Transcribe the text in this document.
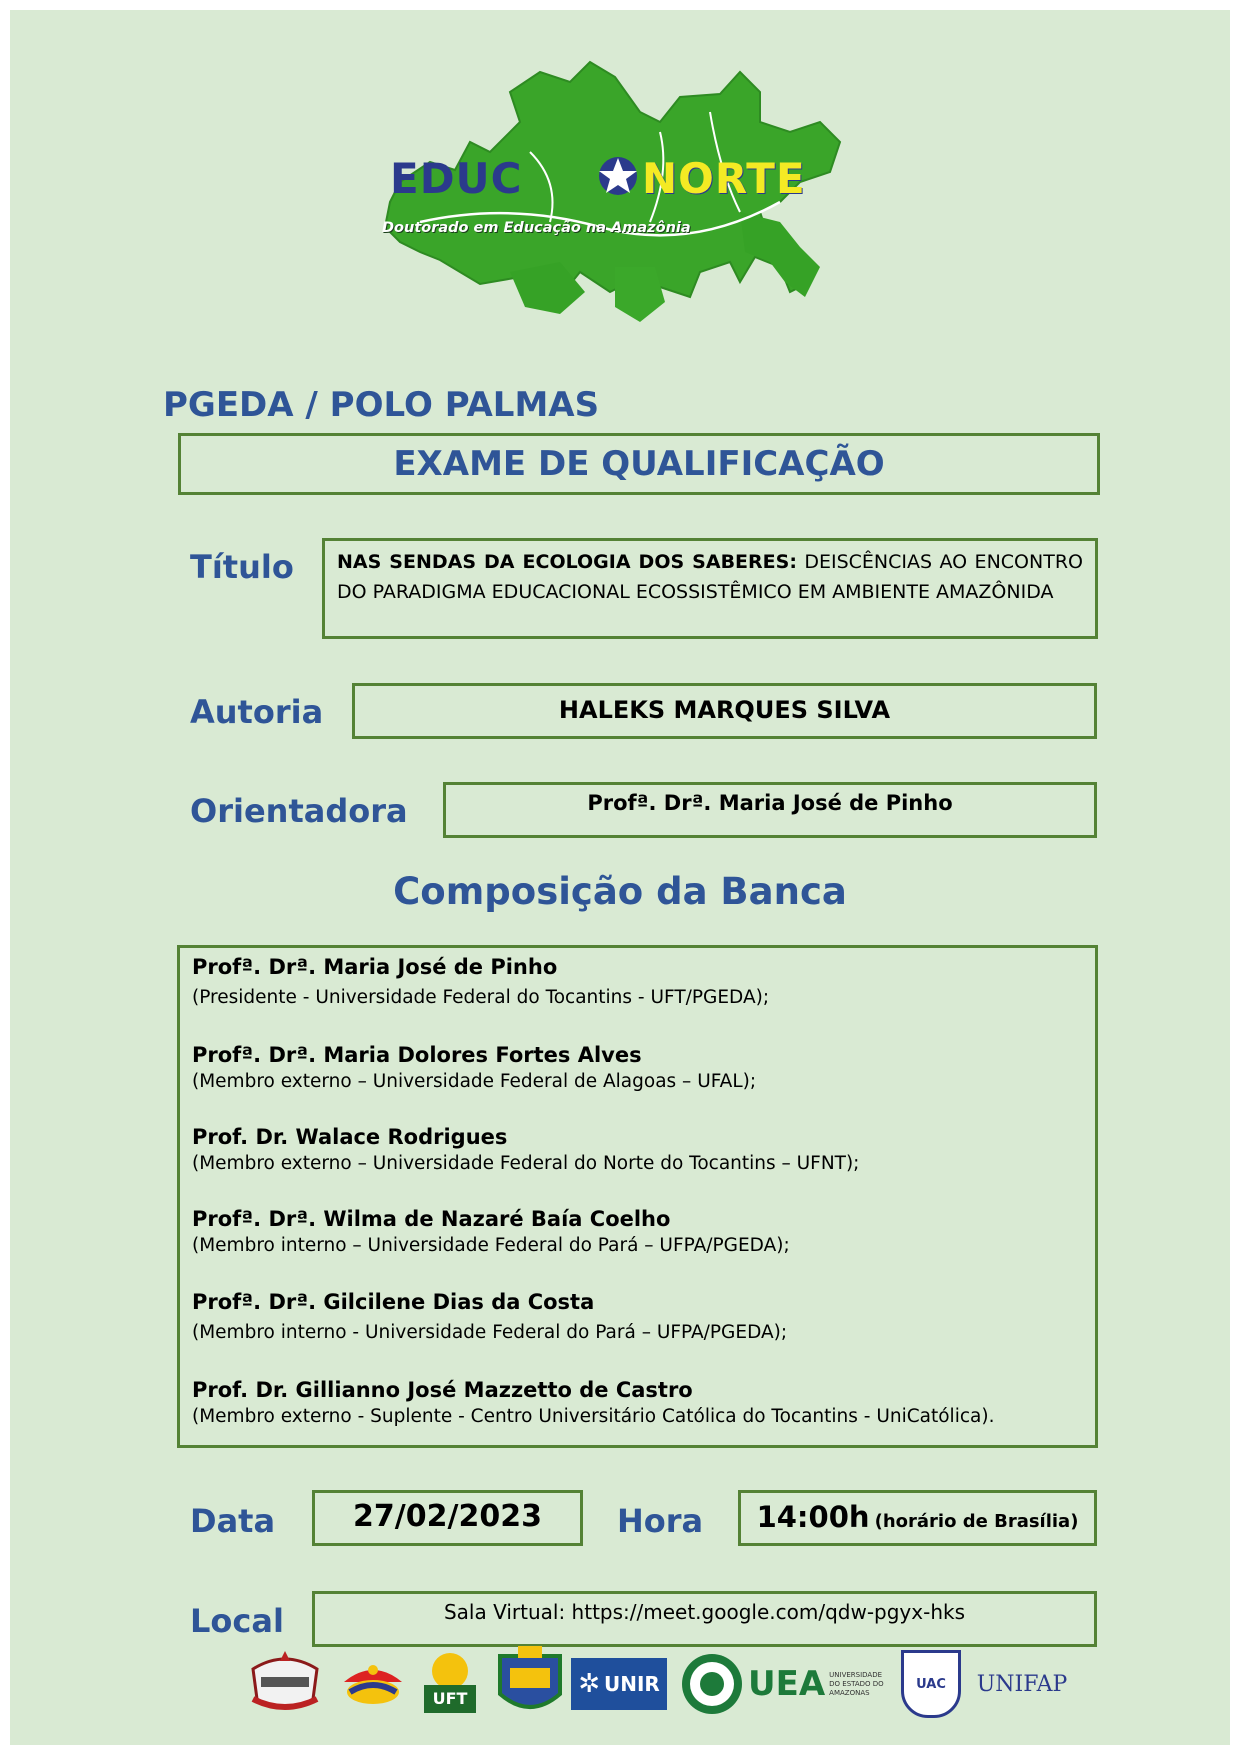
EDUC	NORTE
Doutorado em Educação na Amazônia
PGEDA / POLO PALMAS
EXAME DE QUALIFICAÇÃO
Título NAS SENDAS DA ECOLOGIA DOS SABERES: DEISCÊNCIAS AO ENCONTRO DO PARADIGMA EDUCACIONAL ECOSSISTÊMICO EM AMBIENTE AMAZÔNIDA
Autoria	HALEKS MARQUES SILVA
Orientadora	Profª. Drª. Maria José de Pinho
Composição da Banca
Profª. Drª. Maria José de Pinho
(Presidente - Universidade Federal do Tocantins - UFT/PGEDA);
Profª. Drª. Maria Dolores Fortes Alves
(Membro externo – Universidade Federal de Alagoas – UFAL);
Prof. Dr. Walace Rodrigues
(Membro externo – Universidade Federal do Norte do Tocantins – UFNT);
Profª. Drª. Wilma de Nazaré Baía Coelho
(Membro interno – Universidade Federal do Pará – UFPA/PGEDA);
Profª. Drª. Gilcilene Dias da Costa
(Membro interno - Universidade Federal do Pará – UFPA/PGEDA);
Prof. Dr. Gillianno José Mazzetto de Castro
(Membro externo - Suplente - Centro Universitário Católica do Tocantins - UniCatólica).
Data	27/02/2023	Hora	14:00h (horário de Brasília)
Local	Sala Virtual: https://meet.google.com/qdw-pgyx-hks
UFT	✲ UNIR	UEA UNIVERSIDADE DO ESTADO DO AMAZONAS
UAC UNIFAP
